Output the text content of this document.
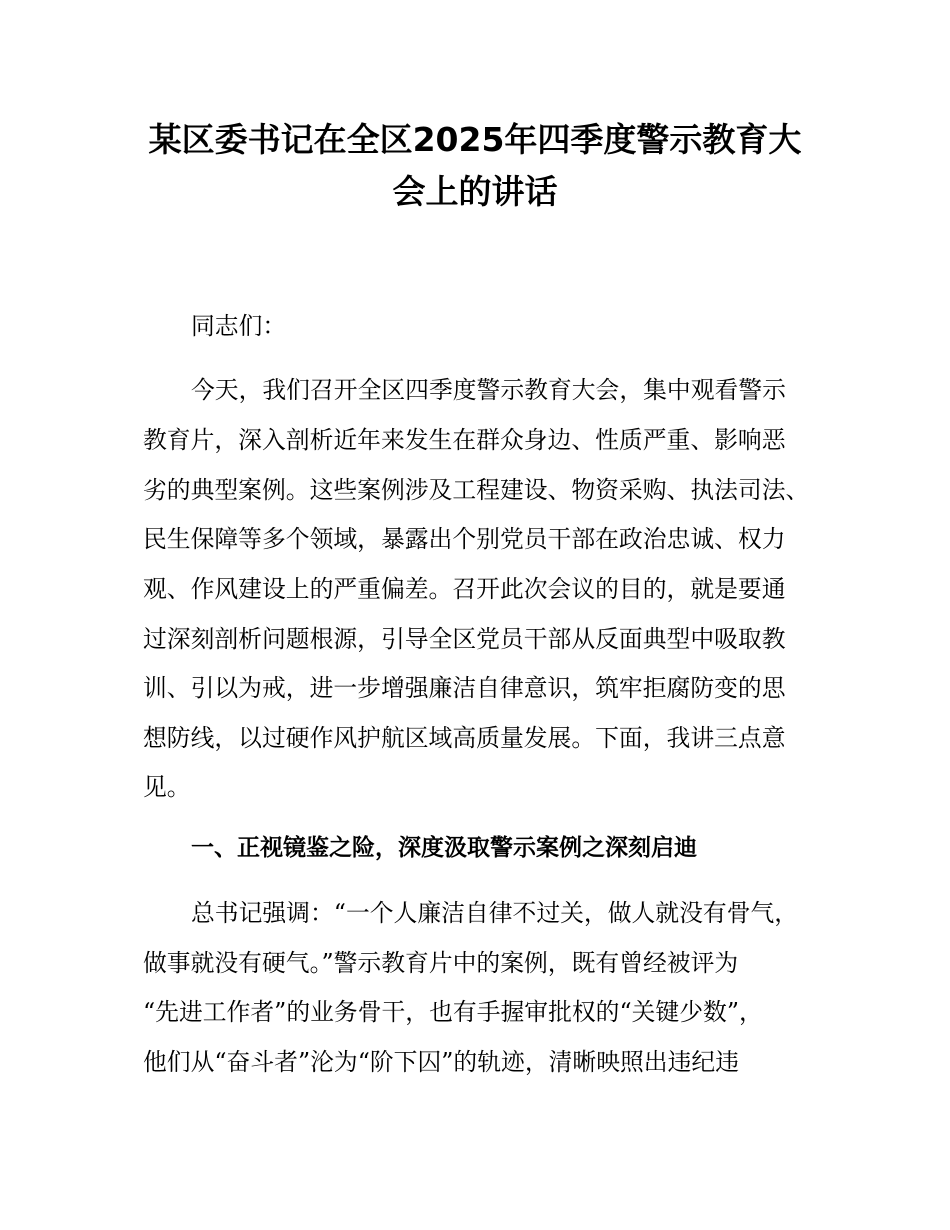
某区委书记在全区2025年四季度警示教育大
会上的讲话
同志们：
今天，我们召开全区四季度警示教育大会，集中观看警示
教育片，深入剖析近年来发生在群众身边、性质严重、影响恶
劣的典型案例。这些案例涉及工程建设、物资采购、执法司法、
民生保障等多个领域，暴露出个别党员干部在政治忠诚、权力
观、作风建设上的严重偏差。召开此次会议的目的，就是要通
过深刻剖析问题根源，引导全区党员干部从反面典型中吸取教
训、引以为戒，进一步增强廉洁自律意识，筑牢拒腐防变的思
想防线，以过硬作风护航区域高质量发展。下面，我讲三点意
见。
一、正视镜鉴之险，深度汲取警示案例之深刻启迪
总书记强调：“一个人廉洁自律不过关，做人就没有骨气，
做事就没有硬气。”警示教育片中的案例，既有曾经被评为
“先进工作者”的业务骨干，也有手握审批权的“关键少数”，
他们从“奋斗者”沦为“阶下囚”的轨迹，清晰映照出违纪违
